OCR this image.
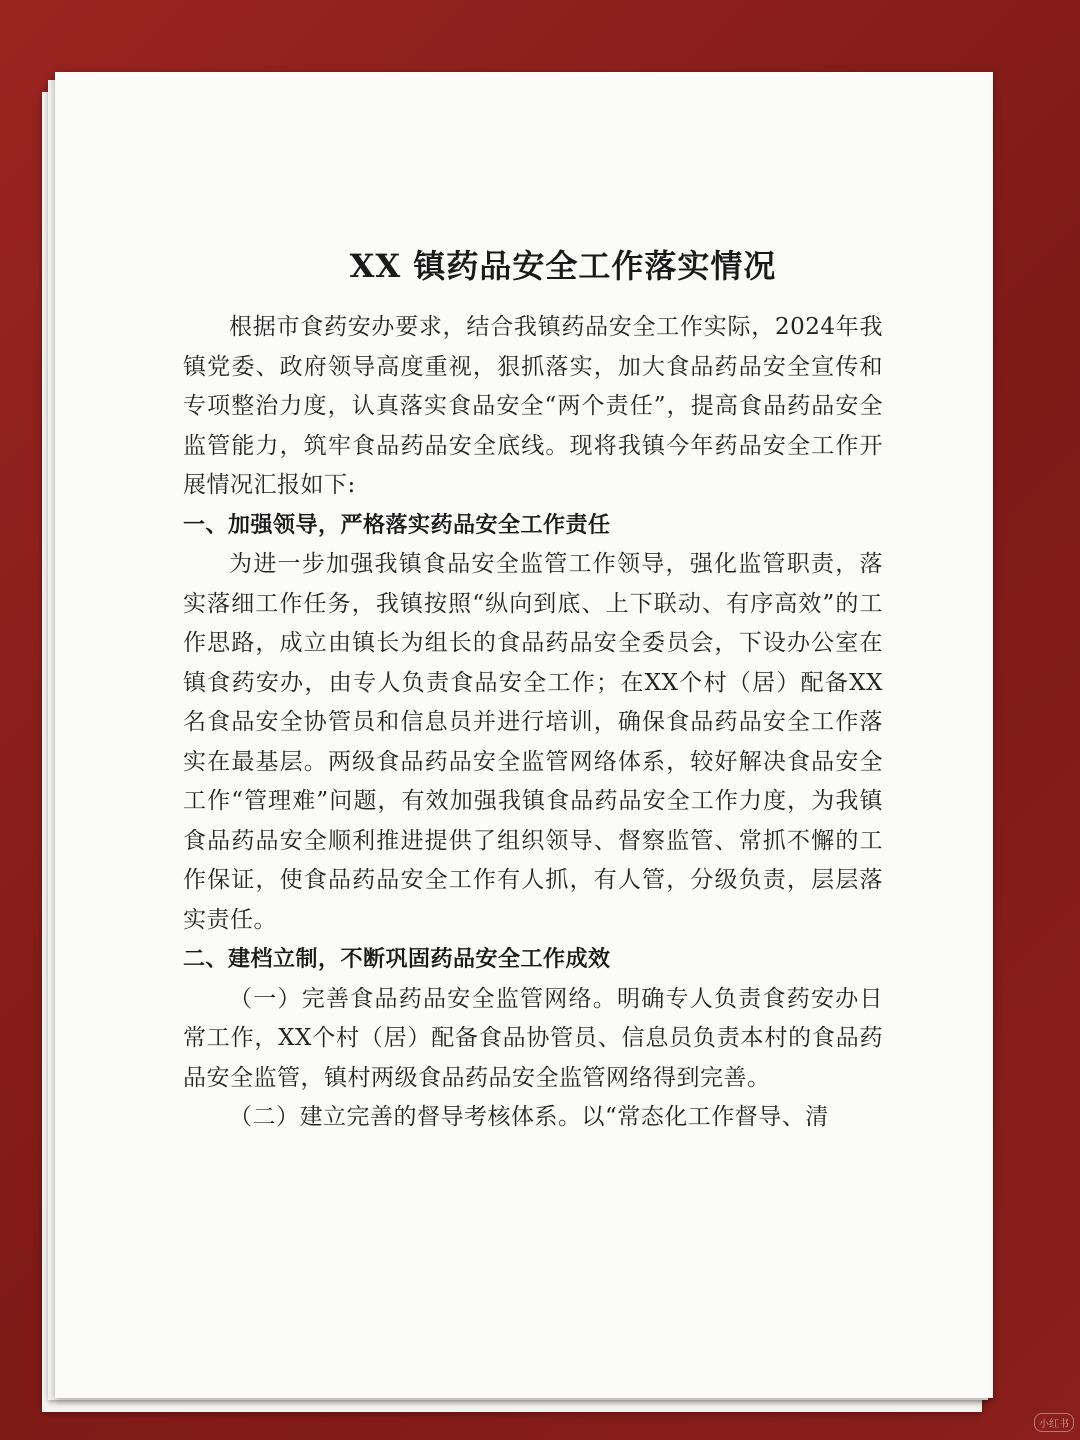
XX 镇药品安全工作落实情况

根据市食药安办要求，结合我镇药品安全工作实际，2024年我镇党委、政府领导高度重视，狠抓落实，加大食品药品安全宣传和专项整治力度，认真落实食品安全“两个责任”，提高食品药品安全监管能力，筑牢食品药品安全底线。现将我镇今年药品安全工作开展情况汇报如下:

一、加强领导，严格落实药品安全工作责任

为进一步加强我镇食品安全监管工作领导，强化监管职责，落实落细工作任务，我镇按照“纵向到底、上下联动、有序高效”的工作思路，成立由镇长为组长的食品药品安全委员会，下设办公室在镇食药安办，由专人负责食品安全工作；在XX个村（居）配备XX名食品安全协管员和信息员并进行培训，确保食品药品安全工作落实在最基层。两级食品药品安全监管网络体系，较好解决食品安全工作“管理难”问题，有效加强我镇食品药品安全工作力度，为我镇食品药品安全顺利推进提供了组织领导、督察监管、常抓不懈的工作保证，使食品药品安全工作有人抓，有人管，分级负责，层层落实责任。

二、建档立制，不断巩固药品安全工作成效

（一）完善食品药品安全监管网络。明确专人负责食药安办日常工作，XX个村（居）配备食品协管员、信息员负责本村的食品药品安全监管，镇村两级食品药品安全监管网络得到完善。

（二）建立完善的督导考核体系。以“常态化工作督导、清

小红书
